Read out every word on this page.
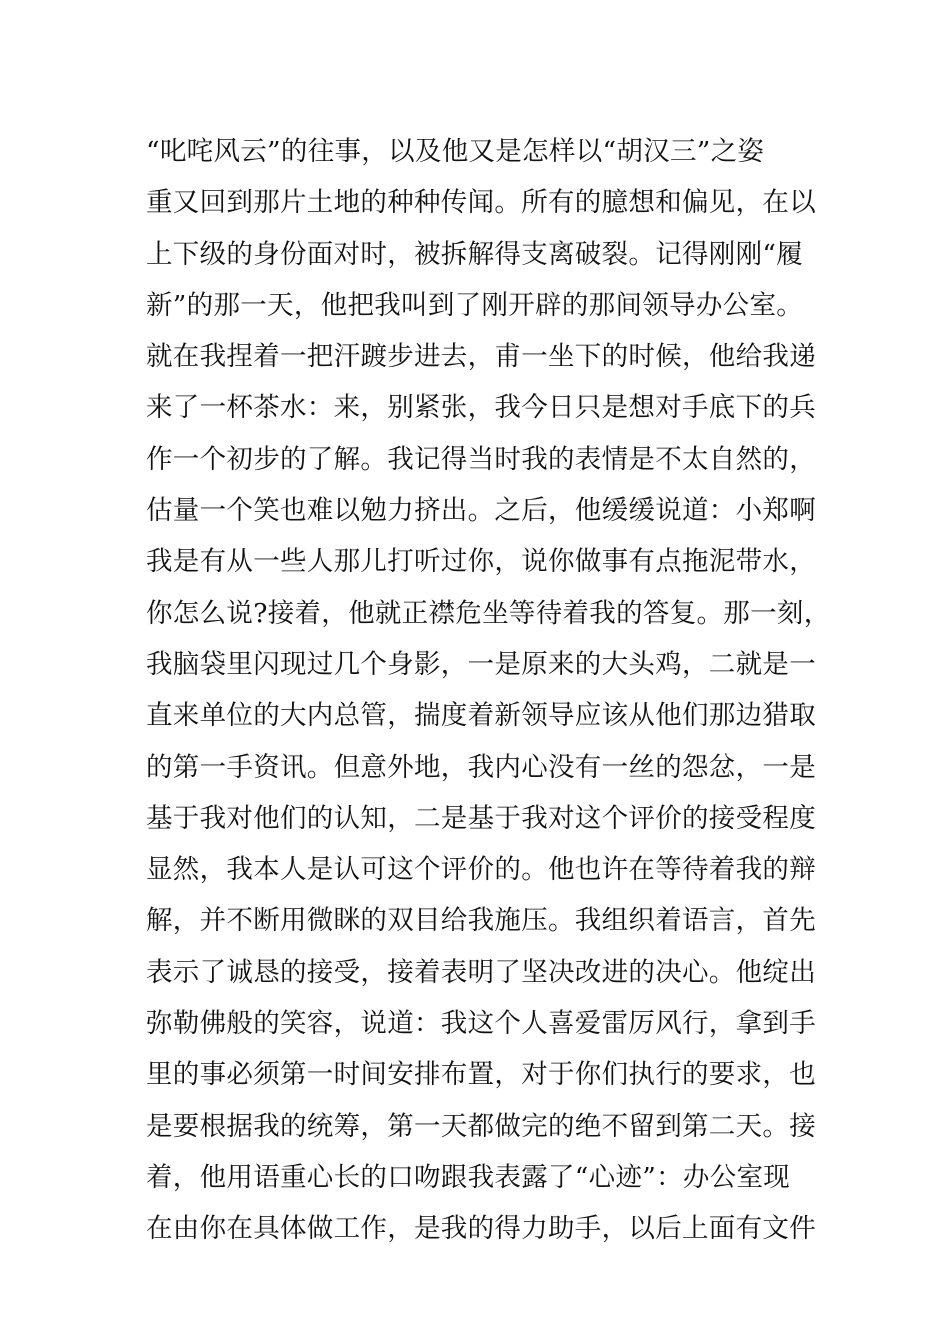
“叱咤风云”的往事，以及他又是怎样以“胡汉三”之姿
重又回到那片土地的种种传闻。所有的臆想和偏见，在以
上下级的身份面对时，被拆解得支离破裂。记得刚刚“履
新”的那一天，他把我叫到了刚开辟的那间领导办公室。
就在我捏着一把汗踱步进去，甫一坐下的时候，他给我递
来了一杯茶水：来，别紧张，我今日只是想对手底下的兵
作一个初步的了解。我记得当时我的表情是不太自然的，
估量一个笑也难以勉力挤出。之后，他缓缓说道：小郑啊
我是有从一些人那儿打听过你，说你做事有点拖泥带水，
你怎么说?接着，他就正襟危坐等待着我的答复。那一刻，
我脑袋里闪现过几个身影，一是原来的大头鸡，二就是一
直来单位的大内总管，揣度着新领导应该从他们那边猎取
的第一手资讯。但意外地，我内心没有一丝的怨忿，一是
基于我对他们的认知，二是基于我对这个评价的接受程度
显然，我本人是认可这个评价的。他也许在等待着我的辩
解，并不断用微眯的双目给我施压。我组织着语言，首先
表示了诚恳的接受，接着表明了坚决改进的决心。他绽出
弥勒佛般的笑容，说道：我这个人喜爱雷厉风行，拿到手
里的事必须第一时间安排布置，对于你们执行的要求，也
是要根据我的统筹，第一天都做完的绝不留到第二天。接
着，他用语重心长的口吻跟我表露了“心迹”：办公室现
在由你在具体做工作，是我的得力助手，以后上面有文件
